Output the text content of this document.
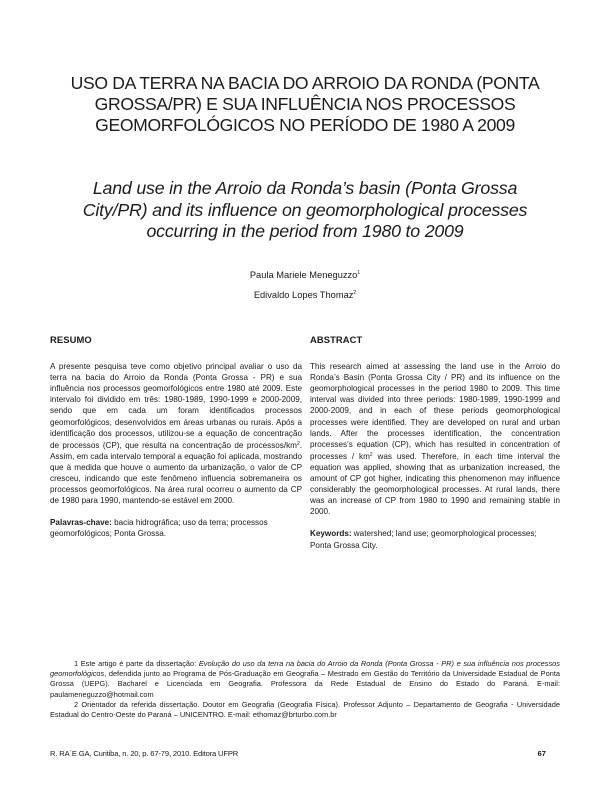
USO DA TERRA NA BACIA DO ARROIO DA RONDA (PONTA
GROSSA/PR) E SUA INFLUÊNCIA NOS PROCESSOS
GEOMORFOLÓGICOS NO PERÍODO DE 1980 A 2009
Land use in the Arroio da Ronda’s basin (Ponta Grossa
City/PR) and its influence on geomorphological processes
occurring in the period from 1980 to 2009
Paula Mariele Meneguzzo$^1$
Edivaldo Lopes Thomaz$^2$
RESUMO

A presente pesquisa teve como objetivo principal avaliar o uso da terra na bacia do Arroio da Ronda (Ponta Grossa - PR) e sua influência nos processos geomorfológicos entre 1980 até 2009. Este intervalo foi dividido em três: 1980-1989, 1990-1999 e 2000-2009, sendo que em cada um foram identificados processos geomorfológicos, desenvolvidos em áreas urbanas ou rurais. Após a identificação dos processos, utilizou-se a equação de concentração de processos (CP), que resulta na concentração de processos/$km^2$. Assim, em cada intervalo temporal a equação foi aplicada, mostrando que à medida que houve o aumento da urbanização, o valor de CP cresceu, indicando que este fenômeno influencia sobremaneira os processos geomorfológicos. Na área rural ocorreu o aumento da CP de 1980 para 1990, mantendo-se estável em 2000.

Palavras-chave: bacia hidrográfica; uso da terra; processos geomorfológicos; Ponta Grossa.

ABSTRACT

This research aimed at assessing the land use in the Arroio do Ronda’s Basin (Ponta Grossa City / PR) and its influence on the geomorphological processes in the period 1980 to 2009. This time interval was divided into three periods: 1980-1989, 1990-1999 and 2000-2009, and in each of these periods geomorphological processes were identified. They are developed on rural and urban lands. After the processes identification, the concentration processes’s equation (CP), which has resulted in concentration of processes / $km^2$ was used. Therefore, in each time interval the equation was applied, showing that as urbanization increased, the amount of CP got higher, indicating this phenomenon may influence considerably the geomorphological processes. At rural lands, there was an increase of CP from 1980 to 1990 and remaining stable in 2000.

Keywords: watershed; land use; geomorphological processes; Ponta Grossa City.

1 Este artigo é parte da dissertação: Evolução do uso da terra na bacia do Arroio da Ronda (Ponta Grossa - PR) e sua influência nos processos geomorfológicos, defendida junto ao Programa de Pós-Graduação em Geografia – Mestrado em Gestão do Território da Universidade Estadual de Ponta Grossa (UEPG). Bacharel e Licenciada em Geografia. Professora da Rede Estadual de Ensino do Estado do Paraná. E-mail: paulameneguzzo@hotmail.com

2 Orientador da referida dissertação. Doutor em Geografia (Geografia Física). Professor Adjunto – Departamento de Geografia - Universidade Estadual do Centro-Oeste do Paraná – UNICENTRO. E-mail: ethomaz@brturbo.com.br

R. RA´E GA, Curitiba, n. 20, p. 67-79, 2010. Editora UFPR	67
